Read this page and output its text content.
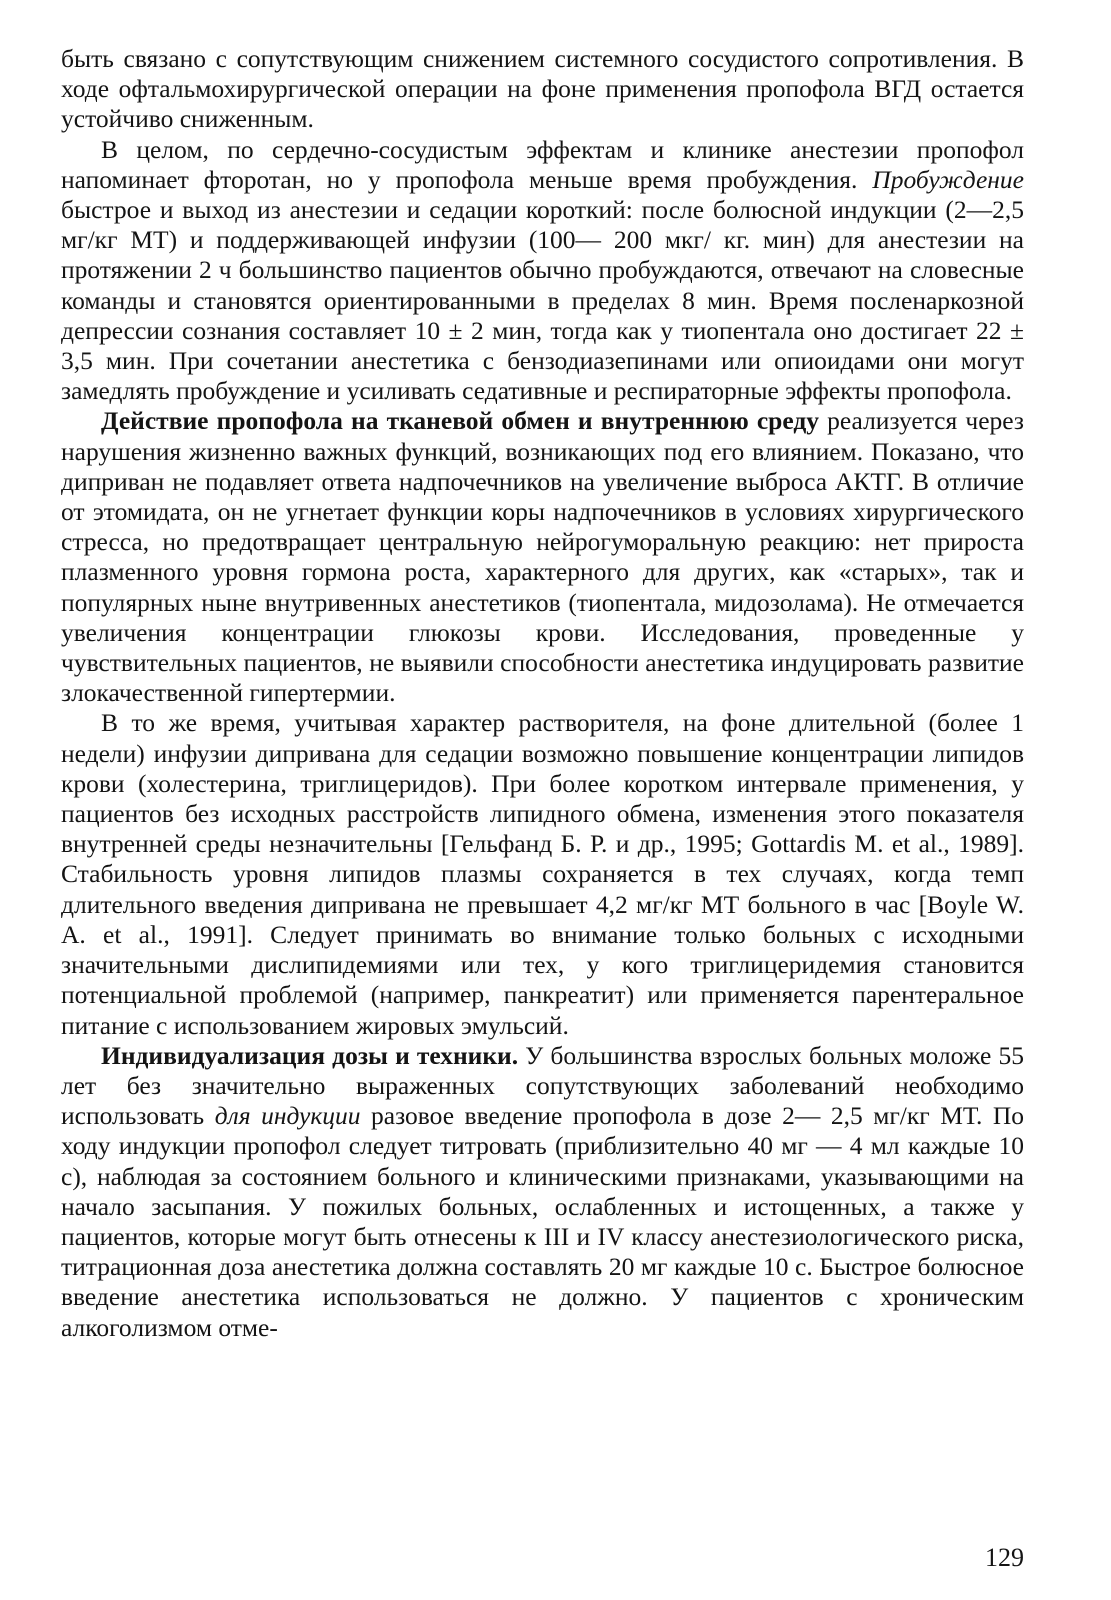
быть связано с сопутствующим снижением системного сосудистого сопротивления. В ходе офтальмохирургической операции на фоне применения пропофола ВГД остается устойчиво сниженным.

В целом, по сердечно-сосудистым эффектам и клинике анестезии пропофол напоминает фторотан, но у пропофола меньше время пробуждения. Пробуждение быстрое и выход из анестезии и седации короткий: после болюсной индукции (2—2,5 мг/кг МТ) и поддерживающей инфузии (100— 200 мкг/ кг. мин) для анестезии на протяжении 2 ч большинство пациентов обычно пробуждаются, отвечают на словесные команды и становятся ориентированными в пределах 8 мин. Время посленаркозной депрессии сознания составляет 10 ± 2 мин, тогда как у тиопентала оно достигает 22 ± 3,5 мин. При сочетании анестетика с бензодиазепинами или опиоидами они могут замедлять пробуждение и усиливать седативные и респираторные эффекты пропофола.

Действие пропофола на тканевой обмен и внутреннюю среду реализуется через нарушения жизненно важных функций, возникающих под его влиянием. Показано, что диприван не подавляет ответа надпочечников на увеличение выброса АКТГ. В отличие от этомидата, он не угнетает функции коры надпочечников в условиях хирургического стресса, но предотвращает центральную нейрогуморальную реакцию: нет прироста плазменного уровня гормона роста, характерного для других, как «старых», так и популярных ныне внутривенных анестетиков (тиопентала, мидозолама). Не отмечается увеличения концентрации глюкозы крови. Исследования, проведенные у чувствительных пациентов, не выявили способности анестетика индуцировать развитие злокачественной гипертермии.

В то же время, учитывая характер растворителя, на фоне длительной (более 1 недели) инфузии дипривана для седации возможно повышение концентрации липидов крови (холестерина, триглицеридов). При более коротком интервале применения, у пациентов без исходных расстройств липидного обмена, изменения этого показателя внутренней среды незначительны [Гельфанд Б. Р. и др., 1995; Gottardis M. et al., 1989]. Стабильность уровня липидов плазмы сохраняется в тех случаях, когда темп длительного введения дипривана не превышает 4,2 мг/кг МТ больного в час [Boyle W. A. et al., 1991]. Следует принимать во внимание только больных с исходными значительными дислипидемиями или тех, у кого триглицеридемия становится потенциальной проблемой (например, панкреатит) или применяется парентеральное питание с использованием жировых эмульсий.

Индивидуализация дозы и техники. У большинства взрослых больных моложе 55 лет без значительно выраженных сопутствующих заболеваний необходимо использовать для индукции разовое введение пропофола в дозе 2— 2,5 мг/кг МТ. По ходу индукции пропофол следует титровать (приблизительно 40 мг — 4 мл каждые 10 с), наблюдая за состоянием больного и клиническими признаками, указывающими на начало засыпания. У пожилых больных, ослабленных и истощенных, а также у пациентов, которые могут быть отнесены к III и IV классу анестезиологического риска, титрационная доза анестетика должна составлять 20 мг каждые 10 с. Быстрое болюсное введение анестетика использоваться не должно. У пациентов с хроническим алкоголизмом отме-

129
